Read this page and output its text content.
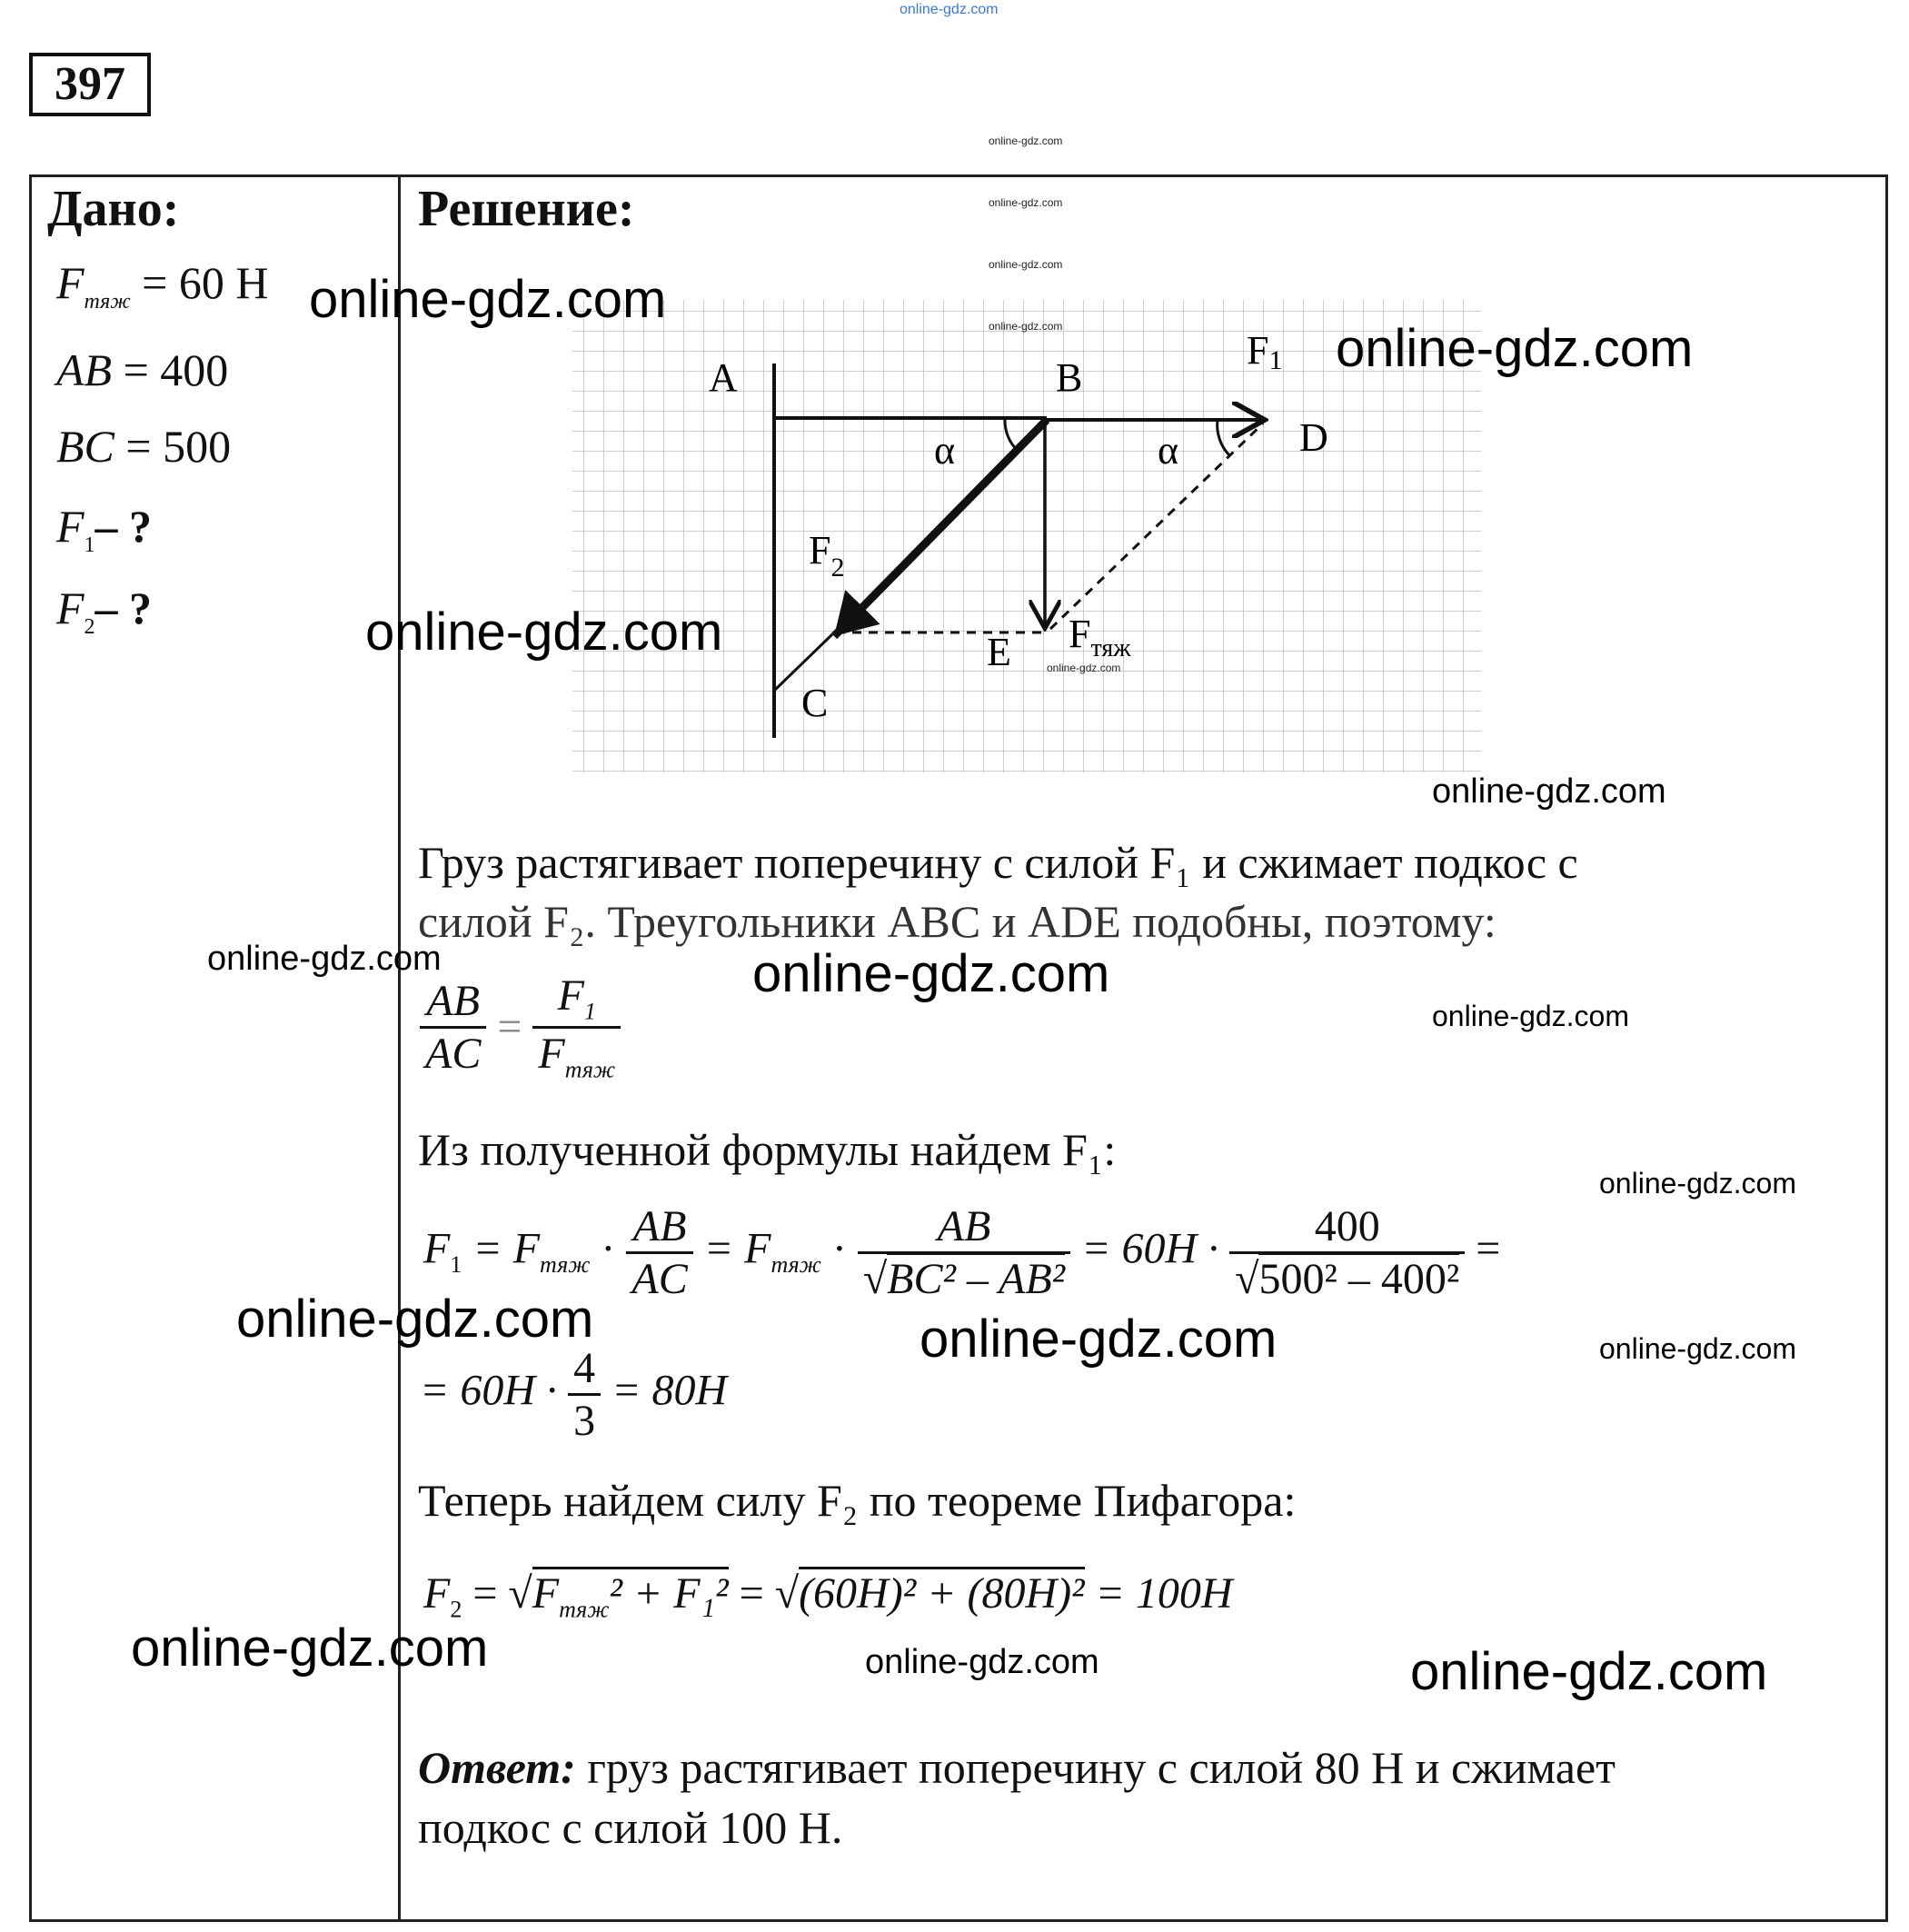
online-gdz.com
397
Дано:
$F_{тяж} = 60$ Н
AB = 400
BC = 500
$F_1-$ ?
$F_2-$ ?
Решение:
A	B
C
D
E
F1
$F_2$
$F_{тяж}$
α	α
Груз растягивает поперечину с силой F₁ и сжимает подкос с
силой F₂. Треугольники ABC и ADE подобны, поэтому:
$\frac{AB}{AC} = \frac{F_1}{F_{тяж}}$
Из полученной формулы найдем F₁:
$F_1 = F_{тяж} \cdot \frac{AB}{AC} = F_{тяж} \cdot \frac{AB}{\text{√BC² – AB²}} = 60H \cdot \frac{400}{\text{√500² – 400²}}$ =
= $60H \cdot \frac{4}{3} = 80H$
Теперь найдем силу F₂ по теореме Пифагора:
$F_2 = √F_{тяж}^2 + F_1^2 = √(60H)^2 + (80H)^2 = 100H$
Ответ: груз растягивает поперечину с силой 80 Н и сжимает
подкос с силой 100 Н.
online-gdz.com
online-gdz.com
online-gdz.com
online-gdz.com
online-gdz.com	online-gdz.com
online-gdz.com
online-gdz.com
online-gdz.com	online-gdz.com	online-gdz.com
online-gdz.com	online-gdz.com	online-gdz.com
online-gdz.com
online-gdz.com
online-gdz.com
online-gdz.com
online-gdz.com
